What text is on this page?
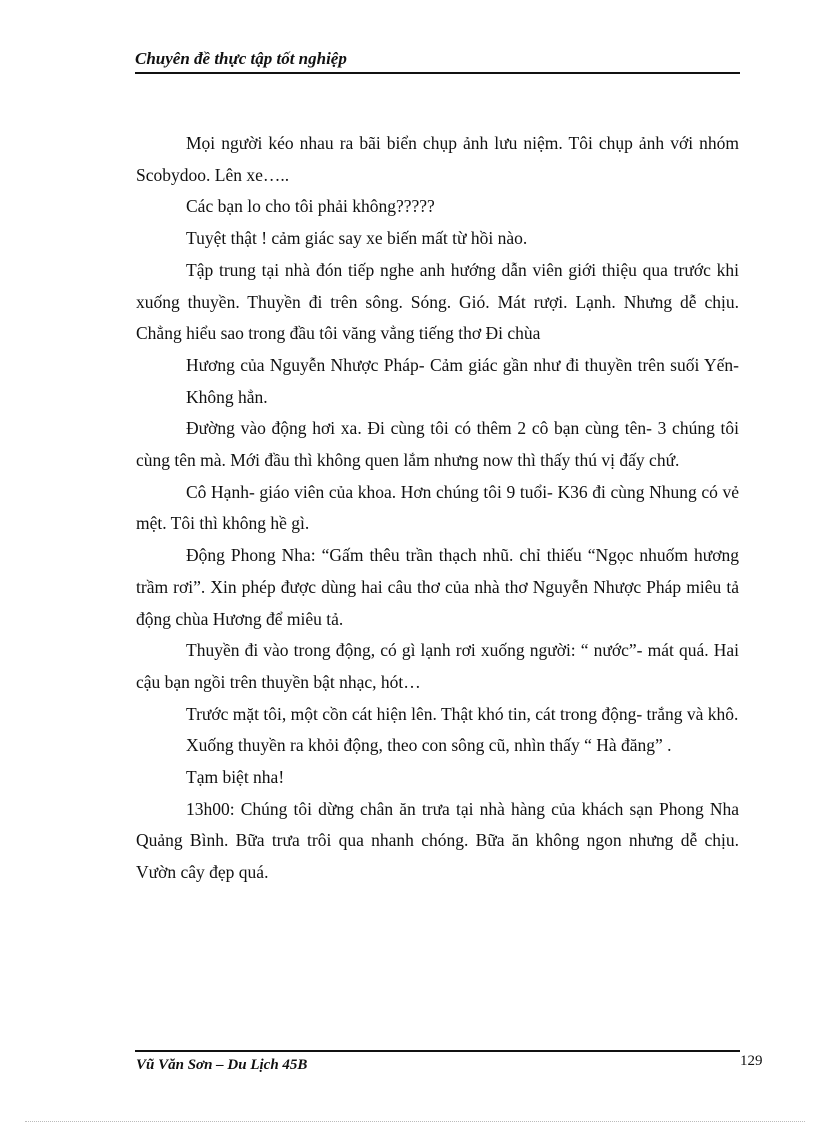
Chuyên đề thực tập tốt nghiệp

Mọi người kéo nhau ra bãi biển chụp ảnh lưu niệm. Tôi chụp ảnh với nhóm Scobydoo. Lên xe…..

Các bạn lo cho tôi phải không?????

Tuyệt thật ! cảm giác say xe biến mất từ hồi nào.

Tập trung tại nhà đón tiếp nghe anh hướng dẫn viên giới thiệu qua trước khi xuống thuyền. Thuyền đi trên sông. Sóng. Gió. Mát rượi. Lạnh. Nhưng dễ chịu. Chẳng hiểu sao trong đầu tôi văng vẳng tiếng thơ Đi chùa

Hương của Nguyễn Nhược Pháp- Cảm giác gần như đi thuyền trên suối Yến- Không hẳn.

Đường vào động hơi xa. Đi cùng tôi có thêm 2 cô bạn cùng tên- 3 chúng tôi cùng tên mà. Mới đầu thì không quen lắm nhưng now thì thấy thú vị đấy chứ.

Cô Hạnh- giáo viên của khoa. Hơn chúng tôi 9 tuổi- K36 đi cùng Nhung có vẻ mệt. Tôi thì không hề gì.

Động Phong Nha: “Gấm thêu trần thạch nhũ. chỉ thiếu “Ngọc nhuốm hương trầm rơi”. Xin phép được dùng hai câu thơ của nhà thơ Nguyễn Nhược Pháp miêu tả động chùa Hương để miêu tả.

Thuyền đi vào trong động, có gì lạnh rơi xuống người: “ nước”- mát quá. Hai cậu bạn ngồi trên thuyền bật nhạc, hót…

Trước mặt tôi, một cồn cát hiện lên. Thật khó tin, cát trong động- trắng và khô.

Xuống thuyền ra khỏi động, theo con sông cũ, nhìn thấy “ Hà đăng” .

Tạm biệt nha!

13h00: Chúng tôi dừng chân ăn trưa tại nhà hàng của khách sạn Phong Nha Quảng Bình. Bữa trưa trôi qua nhanh chóng. Bữa ăn không ngon nhưng dễ chịu. Vườn cây đẹp quá.

Vũ Văn Sơn – Du Lịch 45B	129
